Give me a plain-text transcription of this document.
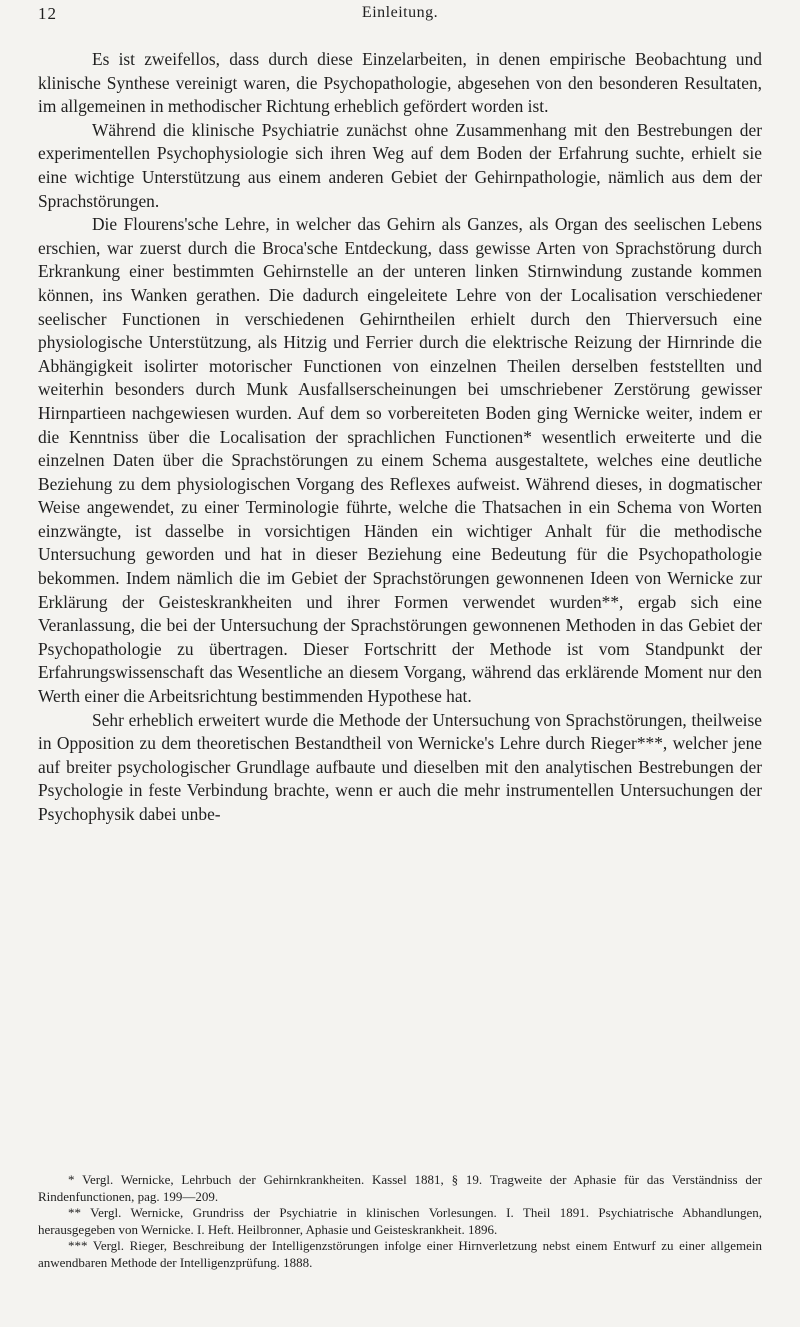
12	Einleitung.

Es ist zweifellos, dass durch diese Einzelarbeiten, in denen empirische Beobachtung und klinische Synthese vereinigt waren, die Psychopathologie, abgesehen von den besonderen Resultaten, im allgemeinen in methodischer Richtung erheblich gefördert worden ist.

Während die klinische Psychiatrie zunächst ohne Zusammenhang mit den Bestrebungen der experimentellen Psychophysiologie sich ihren Weg auf dem Boden der Erfahrung suchte, erhielt sie eine wichtige Unterstützung aus einem anderen Gebiet der Gehirnpathologie, nämlich aus dem der Sprachstörungen.

Die Flourens'sche Lehre, in welcher das Gehirn als Ganzes, als Organ des seelischen Lebens erschien, war zuerst durch die Broca'sche Entdeckung, dass gewisse Arten von Sprachstörung durch Erkrankung einer bestimmten Gehirnstelle an der unteren linken Stirnwindung zustande kommen können, ins Wanken gerathen. Die dadurch eingeleitete Lehre von der Localisation verschiedener seelischer Functionen in verschiedenen Gehirntheilen erhielt durch den Thierversuch eine physiologische Unterstützung, als Hitzig und Ferrier durch die elektrische Reizung der Hirnrinde die Abhängigkeit isolirter motorischer Functionen von einzelnen Theilen derselben feststellten und weiterhin besonders durch Munk Ausfallserscheinungen bei umschriebener Zerstörung gewisser Hirnpartieen nachgewiesen wurden. Auf dem so vorbereiteten Boden ging Wernicke weiter, indem er die Kenntniss über die Localisation der sprachlichen Functionen* wesentlich erweiterte und die einzelnen Daten über die Sprachstörungen zu einem Schema ausgestaltete, welches eine deutliche Beziehung zu dem physiologischen Vorgang des Reflexes aufweist. Während dieses, in dogmatischer Weise angewendet, zu einer Terminologie führte, welche die Thatsachen in ein Schema von Worten einzwängte, ist dasselbe in vorsichtigen Händen ein wichtiger Anhalt für die methodische Untersuchung geworden und hat in dieser Beziehung eine Bedeutung für die Psychopathologie bekommen. Indem nämlich die im Gebiet der Sprachstörungen gewonnenen Ideen von Wernicke zur Erklärung der Geisteskrankheiten und ihrer Formen verwendet wurden**, ergab sich eine Veranlassung, die bei der Untersuchung der Sprachstörungen gewonnenen Methoden in das Gebiet der Psychopathologie zu übertragen. Dieser Fortschritt der Methode ist vom Standpunkt der Erfahrungswissenschaft das Wesentliche an diesem Vorgang, während das erklärende Moment nur den Werth einer die Arbeitsrichtung bestimmenden Hypothese hat.

Sehr erheblich erweitert wurde die Methode der Untersuchung von Sprachstörungen, theilweise in Opposition zu dem theoretischen Bestandtheil von Wernicke's Lehre durch Rieger***, welcher jene auf breiter psychologischer Grundlage aufbaute und dieselben mit den analytischen Bestrebungen der Psychologie in feste Verbindung brachte, wenn er auch die mehr instrumentellen Untersuchungen der Psychophysik dabei unbe-

* Vergl. Wernicke, Lehrbuch der Gehirnkrankheiten. Kassel 1881, § 19. Tragweite der Aphasie für das Verständniss der Rindenfunctionen, pag. 199—209.

** Vergl. Wernicke, Grundriss der Psychiatrie in klinischen Vorlesungen. I. Theil 1891. Psychiatrische Abhandlungen, herausgegeben von Wernicke. I. Heft. Heilbronner, Aphasie und Geisteskrankheit. 1896.

*** Vergl. Rieger, Beschreibung der Intelligenzstörungen infolge einer Hirnverletzung nebst einem Entwurf zu einer allgemein anwendbaren Methode der Intelligenzprüfung. 1888.
